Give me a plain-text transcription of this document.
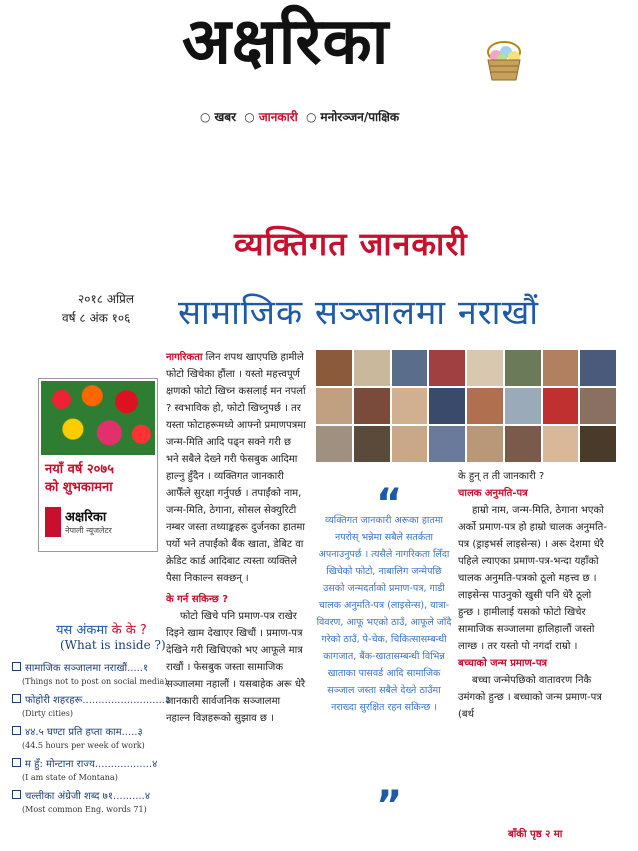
अक्षरिका
○ खबर ○ जानकारी ○ मनोरञ्जन/पाक्षिक
व्यक्तिगत जानकारी
सामाजिक सञ्जालमा नराखौं
२०१८ अप्रिल
वर्ष ८ अंक १०६
नयाँ वर्ष २०७५
को शुभकामना
अक्षरिका
नेपाली न्यूजलेटर
यस अंकमा के के ?
(What is inside ?)
सामाजिक सञ्जालमा नराखौं.....१
(Things not to post on social media)
फोहोरी शहरहरू..........................३
(Dirty cities)
४४.५ घण्टा प्रति हप्ता काम.....३
(44.5 hours per week of work)
म हुँ: मोन्टाना राज्य..................४
(I am state of Montana)
चल्तीका अंग्रेजी शब्द ७१..........४
(Most common Eng. words 71)

नागरिकता लिन शपथ खाएपछि हामीले फोटो खिचेका हौंला । यस्तो महत्त्वपूर्ण क्षणको फोटो खिच्न कसलाई मन नपर्ला ? स्वभाविक हो, फोटो खिच्नुपर्छ । तर यस्ता फोटाहरूमध्ये आफ्नो प्रमाणपत्रमा जन्म-मिति आदि पढ्न सक्ने गरी छ भने सबैले देख्ने गरी फेसबुक आदिमा हाल्नु हुँदैन । व्यक्तिगत जानकारी आफैँले सुरक्षा गर्नुपर्छ । तपाईंको नाम, जन्म-मिति, ठेगाना, सोसल सेक्युरिटी नम्बर जस्ता तथ्याङ्कहरू दुर्जनका हातमा पर्यो भने तपाईंको बैंक खाता, डेबिट वा क्रेडिट कार्ड आदिबाट त्यस्ता व्यक्तिले पैसा निकाल्न सक्छन् ।

के गर्न सकिन्छ ?

फोटो खिचे पनि प्रमाण-पत्र राखेर दिइने खाम देखाएर खिचौं । प्रमाण-पत्र देखिने गरी खिचिएको भए आफूले मात्र राखौं । फेसबुक जस्ता सामाजिक सञ्जालमा नहालौं । यसबाहेक अरू धेरै जानकारी सार्वजनिक सञ्जालमा नहाल्न विज्ञहरूको सुझाव छ ।

“
व्यक्तिगत जानकारी अरूका हातमा नपरोस् भन्नेमा सबैले सतर्कता अपनाउनुपर्छ । त्यसैले नागरिकता लिँदा खिचेको फोटो, नाबालिग जन्मेपछि उसको जन्मदर्ताको प्रमाण-पत्र, गाडी चालक अनुमति-पत्र (लाइसेन्स), यात्रा-विवरण, आफू भएको ठाउँ, आफूले जाँदै गरेको ठाउँ, पे-चेक, चिकित्सासम्बन्धी कागजात, बैंक-खातासम्बन्धी विभिन्न खाताका पासवर्ड आदि सामाजिक सञ्जाल जस्ता सबैले देख्ने ठाउँमा नराख्दा सुरक्षित रहन सकिन्छ ।
”

के हुन् त ती जानकारी ?

चालक अनुमति-पत्र

हाम्रो नाम, जन्म-मिति, ठेगाना भएको अर्को प्रमाण-पत्र हो हाम्रो चालक अनुमति-पत्र (ड्राइभर्स लाइसेन्स) । अरू देशमा धेरै पहिले ल्याएका प्रमाण-पत्र-भन्दा यहाँको चालक अनुमति-पत्रको ठूलो महत्त्व छ । लाइसेन्स पाउनुको खुसी पनि धेरै ठूलो हुन्छ । हामीलाई यसको फोटो खिचेर सामाजिक सञ्जालमा हालिहालौं जस्तो लाग्छ । तर यस्तो पो नगर्दा राम्रो ।

बच्चाको जन्म प्रमाण-पत्र

बच्चा जन्मेपछिको वातावरण निकै उमंगको हुन्छ । बच्चाको जन्म प्रमाण-पत्र (बर्थ

बाँकी पृष्ठ २ मा
